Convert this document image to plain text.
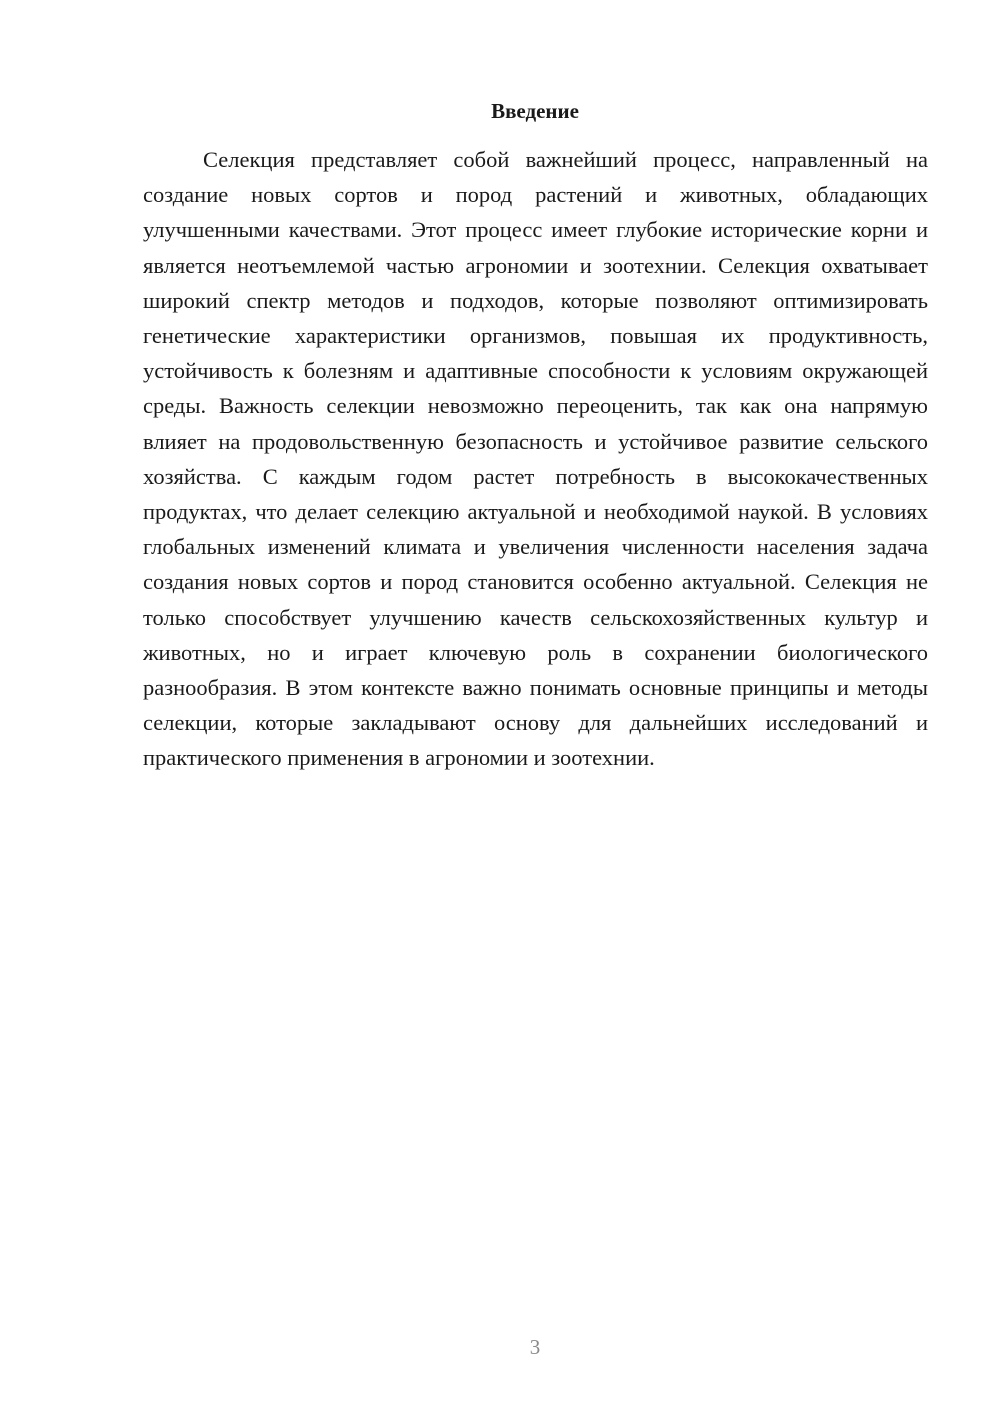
Введение

Селекция представляет собой важнейший процесс, направленный на создание новых сортов и пород растений и животных, обладающих улучшенными качествами. Этот процесс имеет глубокие исторические корни и является неотъемлемой частью агрономии и зоотехнии. Селекция охватывает широкий спектр методов и подходов, которые позволяют оптимизировать генетические характеристики организмов, повышая их продуктивность, устойчивость к болезням и адаптивные способности к условиям окружающей среды. Важность селекции невозможно переоценить, так как она напрямую влияет на продовольственную безопасность и устойчивое развитие сельского хозяйства. С каждым годом растет потребность в высококачественных продуктах, что делает селекцию актуальной и необходимой наукой. В условиях глобальных изменений климата и увеличения численности населения задача создания новых сортов и пород становится особенно актуальной. Селекция не только способствует улучшению качеств сельскохозяйственных культур и животных, но и играет ключевую роль в сохранении биологического разнообразия. В этом контексте важно понимать основные принципы и методы селекции, которые закладывают основу для дальнейших исследований и практического применения в агрономии и зоотехнии.

3
